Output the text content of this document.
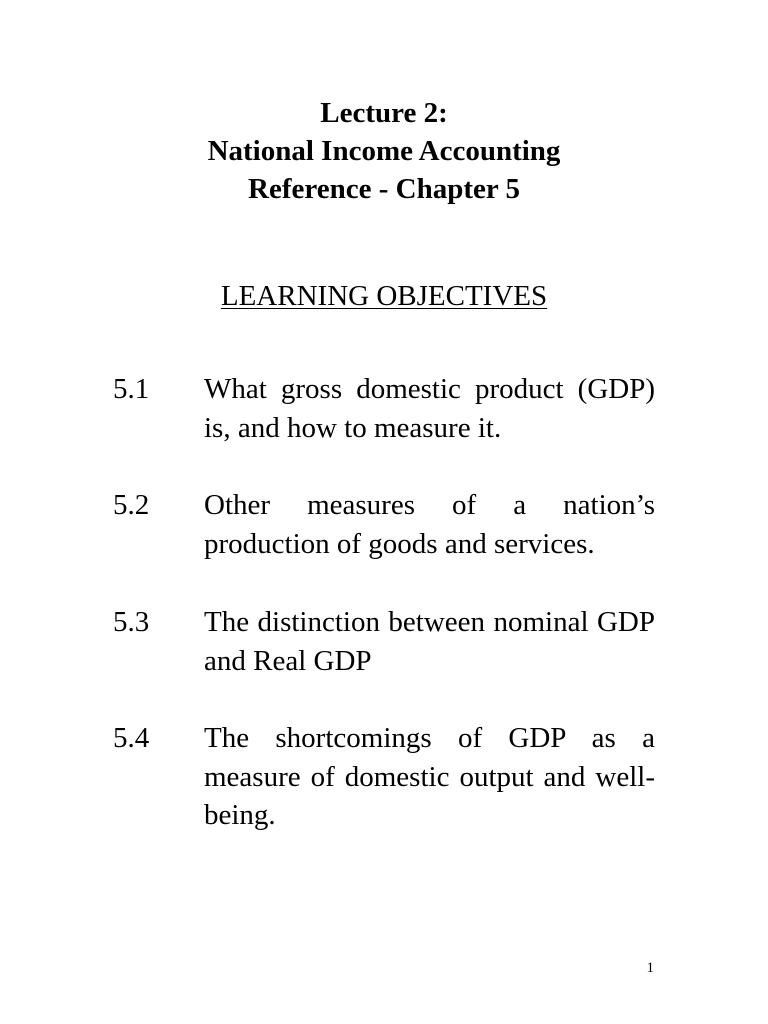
Lecture 2:
National Income Accounting
Reference - Chapter 5
LEARNING OBJECTIVES
5.1	What gross domestic product (GDP) is, and how to measure it.
5.2	Other measures of a nation’s production of goods and services.
5.3	The distinction between nominal GDP and Real GDP
5.4	The shortcomings of GDP as a measure of domestic output and well-being.
1
